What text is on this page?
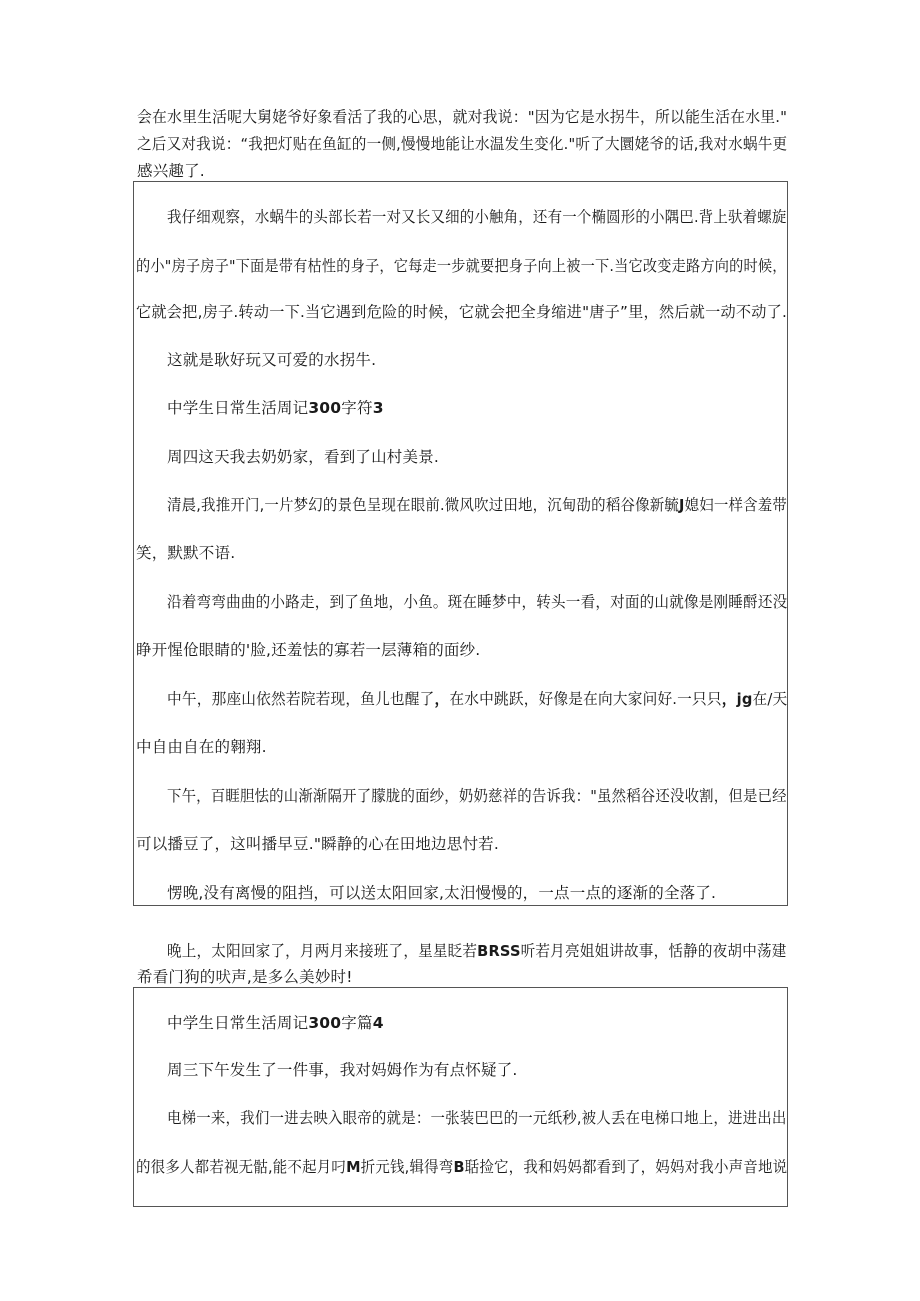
会在水里生活呢大舅姥爷好象看活了我的心思，就对我说："因为它是水拐牛，所以能生活在水里."
之后又对我说：“我把灯贴在鱼缸的一侧,慢慢地能让水温发生变化."听了大圜姥爷的话,我对水蜗牛更
感兴趣了.
我仔细观察，水蜗牛的头部长若一对又长又细的小触角，还有一个椭圆形的小隅巴.背上驮着螺旋
的小"房子房子"下面是带有枯性的身子，它每走一步就要把身子向上被一下.当它改变走路方向的时候，
它就会把,房子.转动一下.当它遇到危险的时候，它就会把全身缩进"唐子”里，然后就一动不动了.
这就是耿好玩又可爱的水拐牛.
中学生日常生活周记300字符3
周四这天我去奶奶家，看到了山村美景.
清晨,我推开门,一片梦幻的景色呈现在眼前.微风吹过田地，沉甸劭的稻谷像新毓J媳妇一样含羞带
笑，默默不语.
沿着弯弯曲曲的小路走，到了鱼地，小鱼。斑在睡梦中，转头一看，对面的山就像是刚睡酹还没
睁开惺伧眼睛的'脸,还羞怯的寡若一层薄箱的面纱.
中午，那座山依然若院若现，鱼儿也醒了，在水中跳跃，好像是在向大家问好.一只只，jg在/天
中自由自在的翱翔.
下午，百睚胆怯的山渐渐隔开了朦胧的面纱，奶奶慈祥的告诉我："虽然稻谷还没收割，但是已经
可以播豆了，这叫播早豆."瞬静的心在田地边思忖若.
愣晚,没有离慢的阻挡，可以送太阳回家,太汨慢慢的，一点一点的逐渐的全落了.
晚上，太阳回家了，月两月来接班了，星星眨若BRSS听若月亮姐姐讲故事，恬静的夜胡中荡建
希看门狗的吠声,是多么美妙时!
中学生日常生活周记300字篇4
周三下午发生了一件事，我对妈姆作为有点怀疑了.
电梯一来，我们一进去映入眼帝的就是：一张装巴巴的一元纸秒,被人丢在电梯口地上，进进出出
的很多人都若视无骷,能不起月叼M折元钱,辑得弯B聒捡它，我和妈妈都看到了，妈妈对我小声音地说
